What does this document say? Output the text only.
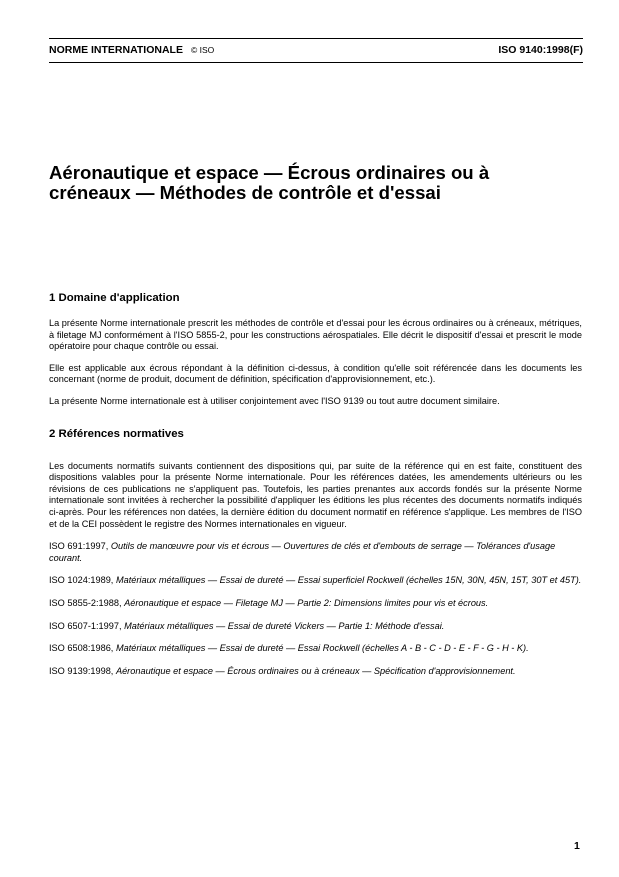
NORME INTERNATIONALE © ISO	ISO 9140:1998(F)
Aéronautique et espace — Écrous ordinaires ou à
créneaux — Méthodes de contrôle et d'essai
1 Domaine d'application

La présente Norme internationale prescrit les méthodes de contrôle et d'essai pour les écrous ordinaires ou à créneaux, métriques, à filetage MJ conformément à l'ISO 5855-2, pour les constructions aérospatiales. Elle décrit le dispositif d'essai et prescrit le mode opératoire pour chaque contrôle ou essai.

Elle est applicable aux écrous répondant à la définition ci-dessus, à condition qu'elle soit référencée dans les documents les concernant (norme de produit, document de définition, spécification d'approvisionnement, etc.).

La présente Norme internationale est à utiliser conjointement avec l'ISO 9139 ou tout autre document similaire.

2 Références normatives

Les documents normatifs suivants contiennent des dispositions qui, par suite de la référence qui en est faite, constituent des dispositions valables pour la présente Norme internationale. Pour les références datées, les amendements ultérieurs ou les révisions de ces publications ne s'appliquent pas. Toutefois, les parties prenantes aux accords fondés sur la présente Norme internationale sont invitées à rechercher la possibilité d'appliquer les éditions les plus récentes des documents normatifs indiqués ci-après. Pour les références non datées, la dernière édition du document normatif en référence s'applique. Les membres de l'ISO et de la CEI possèdent le registre des Normes internationales en vigueur.

ISO 691:1997, Outils de manœuvre pour vis et écrous — Ouvertures de clés et d'embouts de serrage — Tolérances d'usage courant.

ISO 1024:1989, Matériaux métalliques — Essai de dureté — Essai superficiel Rockwell (échelles 15N, 30N, 45N, 15T, 30T et 45T).

ISO 5855-2:1988, Aéronautique et espace — Filetage MJ — Partie 2: Dimensions limites pour vis et écrous.

ISO 6507-1:1997, Matériaux métalliques — Essai de dureté Vickers — Partie 1: Méthode d'essai.

ISO 6508:1986, Matériaux métalliques — Essai de dureté — Essai Rockwell (échelles A - B - C - D - E - F - G - H - K).

ISO 9139:1998, Aéronautique et espace — Écrous ordinaires ou à créneaux — Spécification d'approvisionnement.

1
